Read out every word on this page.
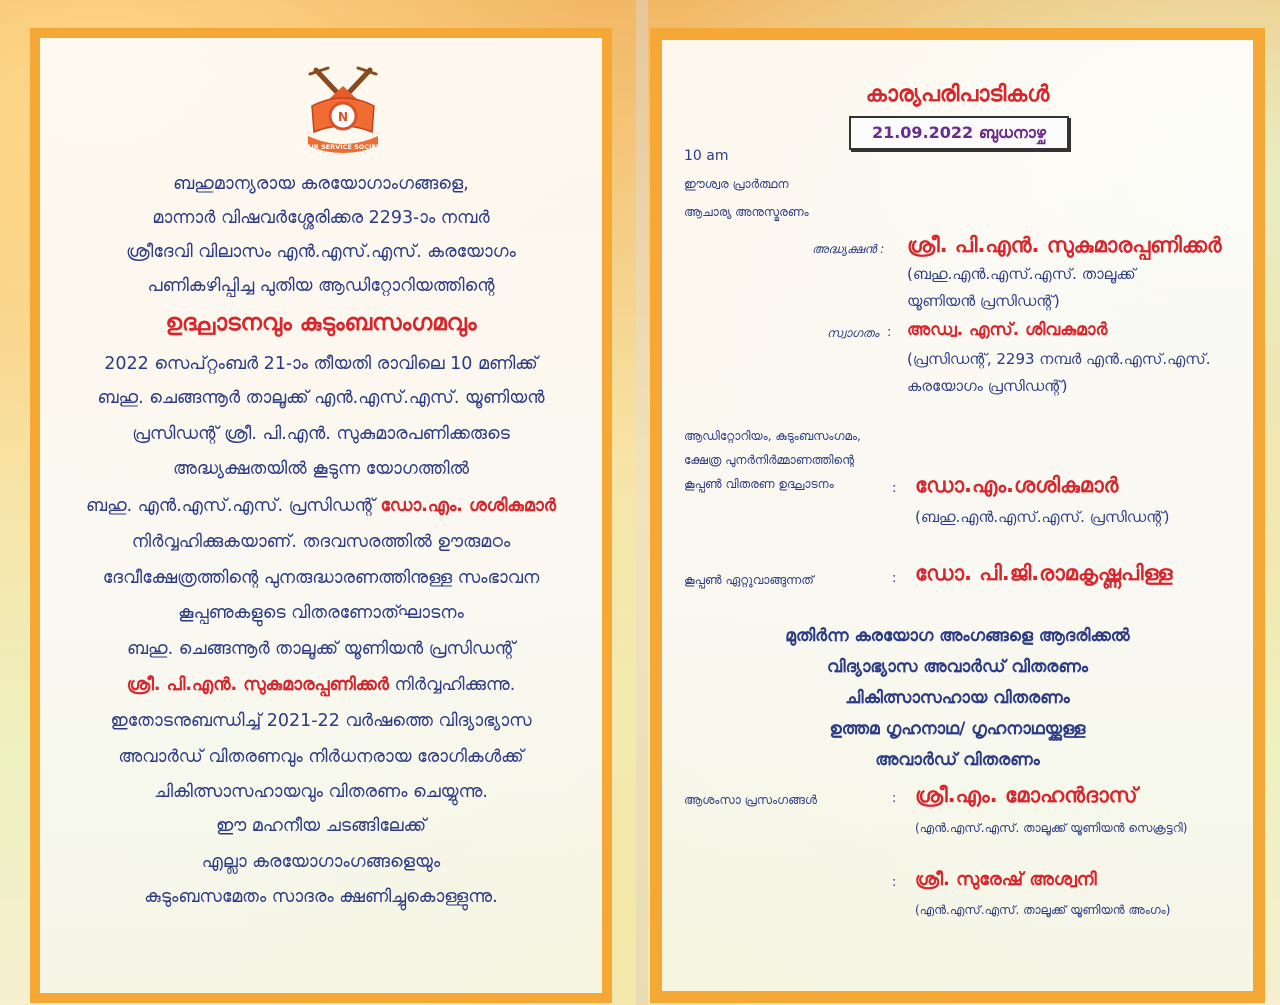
N
NAIR SERVICE SOCIETY
ബഹുമാന്യരായ കരയോഗാംഗങ്ങളെ,
മാന്നാർ വിഷവർശ്ശേരിക്കര 2293-ാം നമ്പർ
ശ്രീദേവി വിലാസം എൻ.എസ്.എസ്. കരയോഗം
പണികഴിപ്പിച്ച പുതിയ ആഡിറ്റോറിയത്തിന്റെ
ഉദ്ഘാടനവും കുടുംബസംഗമവും
2022 സെപ്റ്റംബർ 21-ാം തീയതി രാവിലെ 10 മണിക്ക്
ബഹു. ചെങ്ങന്നൂർ താലൂക്ക് എൻ.എസ്.എസ്. യൂണിയൻ
പ്രസിഡന്റ് ശ്രീ. പി.എൻ. സുകുമാരപണിക്കരുടെ
അദ്ധ്യക്ഷതയിൽ കൂടുന്ന യോഗത്തിൽ
ബഹു. എൻ.എസ്.എസ്. പ്രസിഡന്റ് ഡോ.എം. ശശികുമാർ
നിർവ്വഹിക്കുകയാണ്. തദവസരത്തിൽ ഊരുമഠം
ദേവീക്ഷേത്രത്തിന്റെ പുനരുദ്ധാരണത്തിനുള്ള സംഭാവന
കൂപ്പണുകളുടെ വിതരണോത്ഘാടനം
ബഹു. ചെങ്ങന്നൂർ താലൂക്ക് യൂണിയൻ പ്രസിഡന്റ്
ശ്രീ. പി.എൻ. സുകുമാരപ്പണിക്കർ നിർവ്വഹിക്കുന്നു.
ഇതോടനുബന്ധിച്ച് 2021-22 വർഷത്തെ വിദ്യാഭ്യാസ
അവാർഡ് വിതരണവും നിർധനരായ രോഗികൾക്ക്
ചികിത്സാസഹായവും വിതരണം ചെയ്യുന്നു.
ഈ മഹനീയ ചടങ്ങിലേക്ക്
എല്ലാ കരയോഗാംഗങ്ങളെയും
കുടുംബസമേതം സാദരം ക്ഷണിച്ചുകൊള്ളുന്നു.
കാര്യപരിപാടികൾ
21.09.2022 ബുധനാഴ്ച
10 am
ഈശ്വര പ്രാർത്ഥന
ആചാര്യ അനുസ്മരണം
അദ്ധ്യക്ഷൻ : ശ്രീ. പി.എൻ. സുകുമാരപ്പണിക്കർ
(ബഹു.എൻ.എസ്.എസ്. താലൂക്ക്
യൂണിയൻ പ്രസിഡന്റ്)
സ്വാഗതം : അഡ്വ. എസ്. ശിവകുമാർ
(പ്രസിഡന്റ്, 2293 നമ്പർ എൻ.എസ്.എസ്.
കരയോഗം പ്രസിഡന്റ്)
ആഡിറ്റോറിയം, കുടുംബസംഗമം,
ക്ഷേത്ര പുനർനിർമ്മാണത്തിന്റെ
കൂപ്പൺ വിതരണ ഉദ്ഘാടനം	: ഡോ.എം.ശശികുമാർ
(ബഹു.എൻ.എസ്.എസ്. പ്രസിഡന്റ്)
കൂപ്പൺ ഏറ്റുവാങ്ങുന്നത്	: ഡോ. പി.ജി.രാമകൃഷ്ണപിള്ള
മുതിർന്ന കരയോഗ അംഗങ്ങളെ ആദരിക്കൽ
വിദ്യാഭ്യാസ അവാർഡ് വിതരണം
ചികിത്സാസഹായ വിതരണം
ഉത്തമ ഗൃഹനാഥ/ ഗൃഹനാഥയ്ക്കുള്ള
അവാർഡ് വിതരണം
ആശംസാ പ്രസംഗങ്ങൾ	: ശ്രീ.എം. മോഹൻദാസ്
(എൻ.എസ്.എസ്. താലൂക്ക് യൂണിയൻ സെക്രട്ടറി)
: ശ്രീ. സുരേഷ് അശ്വനി
(എൻ.എസ്.എസ്. താലൂക്ക് യൂണിയൻ അംഗം)
